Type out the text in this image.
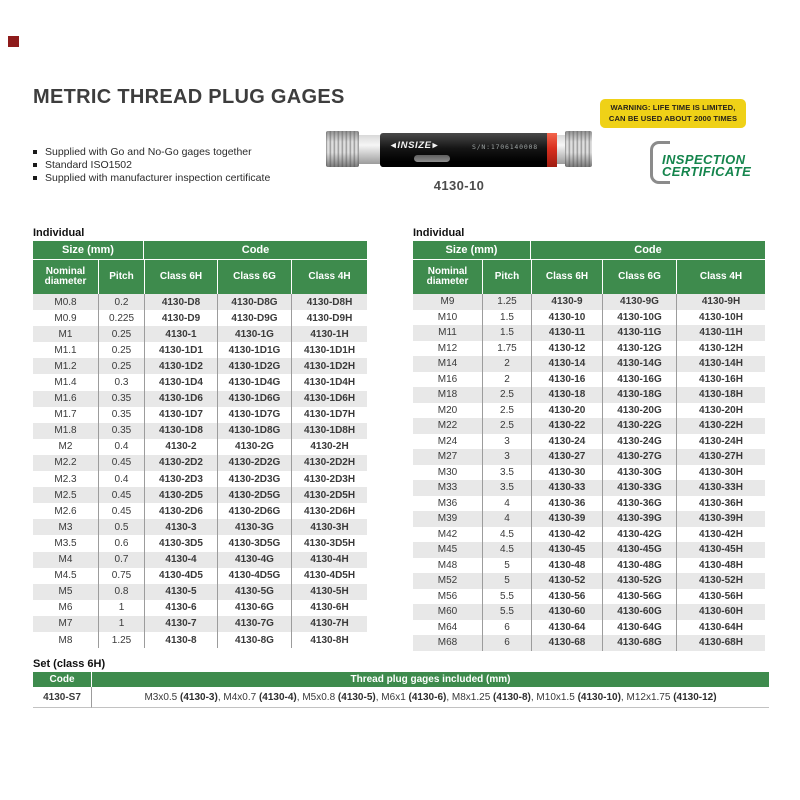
METRIC THREAD PLUG GAGES
Supplied with Go and No-Go gages together
Standard ISO1502
Supplied with manufacturer inspection certificate
WARNING: LIFE TIME IS LIMITED,
CAN BE USED ABOUT 2000 TIMES
INSPECTION
CERTIFICATE
◂ INSIZE ▸	S/N:1706140008
4130-10
Individual
Size (mm)		Code		
Nominal diameter	Pitch	Class 6H	Class 6G	Class 4H
M0.8	0.2	4130-D8	4130-D8G	4130-D8H
M0.9	0.225	4130-D9	4130-D9G	4130-D9H
M1	0.25	4130-1	4130-1G	4130-1H
M1.1	0.25	4130-1D1	4130-1D1G	4130-1D1H
M1.2	0.25	4130-1D2	4130-1D2G	4130-1D2H
M1.4	0.3	4130-1D4	4130-1D4G	4130-1D4H
M1.6	0.35	4130-1D6	4130-1D6G	4130-1D6H
M1.7	0.35	4130-1D7	4130-1D7G	4130-1D7H
M1.8	0.35	4130-1D8	4130-1D8G	4130-1D8H
M2	0.4	4130-2	4130-2G	4130-2H
M2.2	0.45	4130-2D2	4130-2D2G	4130-2D2H
M2.3	0.4	4130-2D3	4130-2D3G	4130-2D3H
M2.5	0.45	4130-2D5	4130-2D5G	4130-2D5H
M2.6	0.45	4130-2D6	4130-2D6G	4130-2D6H
M3	0.5	4130-3	4130-3G	4130-3H
M3.5	0.6	4130-3D5	4130-3D5G	4130-3D5H
M4	0.7	4130-4	4130-4G	4130-4H
M4.5	0.75	4130-4D5	4130-4D5G	4130-4D5H
M5	0.8	4130-5	4130-5G	4130-5H
M6	1	4130-6	4130-6G	4130-6H
M7	1	4130-7	4130-7G	4130-7H
M8	1.25	4130-8	4130-8G	4130-8H
Individual
Size (mm)		Code		
Nominal diameter	Pitch	Class 6H	Class 6G	Class 4H
M9	1.25	4130-9	4130-9G	4130-9H
M10	1.5	4130-10	4130-10G	4130-10H
M11	1.5	4130-11	4130-11G	4130-11H
M12	1.75	4130-12	4130-12G	4130-12H
M14	2	4130-14	4130-14G	4130-14H
M16	2	4130-16	4130-16G	4130-16H
M18	2.5	4130-18	4130-18G	4130-18H
M20	2.5	4130-20	4130-20G	4130-20H
M22	2.5	4130-22	4130-22G	4130-22H
M24	3	4130-24	4130-24G	4130-24H
M27	3	4130-27	4130-27G	4130-27H
M30	3.5	4130-30	4130-30G	4130-30H
M33	3.5	4130-33	4130-33G	4130-33H
M36	4	4130-36	4130-36G	4130-36H
M39	4	4130-39	4130-39G	4130-39H
M42	4.5	4130-42	4130-42G	4130-42H
M45	4.5	4130-45	4130-45G	4130-45H
M48	5	4130-48	4130-48G	4130-48H
M52	5	4130-52	4130-52G	4130-52H
M56	5.5	4130-56	4130-56G	4130-56H
M60	5.5	4130-60	4130-60G	4130-60H
M64	6	4130-64	4130-64G	4130-64H
M68	6	4130-68	4130-68G	4130-68H
Set (class 6H)
Code	Thread plug gages included (mm)
4130-S7	M3x0.5 (4130-3), M4x0.7 (4130-4), M5x0.8 (4130-5), M6x1 (4130-6), M8x1.25 (4130-8), M10x1.5 (4130-10), M12x1.75 (4130-12)
